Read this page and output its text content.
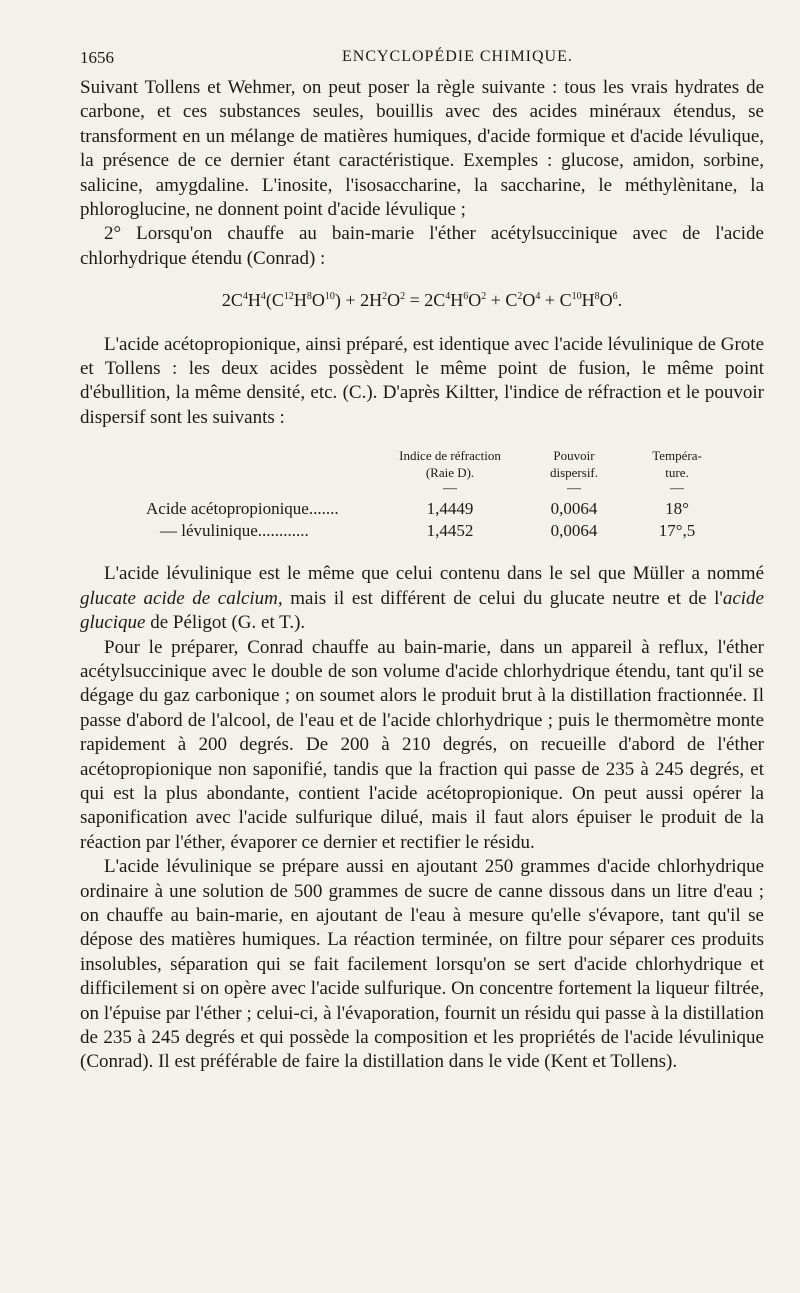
1656	ENCYCLOPÉDIE CHIMIQUE.

Suivant Tollens et Wehmer, on peut poser la règle suivante : tous les vrais hydrates de carbone, et ces substances seules, bouillis avec des acides minéraux étendus, se transforment en un mélange de matières humiques, d'acide formique et d'acide lévulique, la présence de ce dernier étant caractéristique. Exemples : glucose, amidon, sorbine, salicine, amygdaline. L'inosite, l'isosaccharine, la saccharine, le méthylènitane, la phloroglucine, ne donnent point d'acide lévulique ;

2° Lorsqu'on chauffe au bain-marie l'éther acétylsuccinique avec de l'acide chlorhydrique étendu (Conrad) :

$2C^4H^4(C^{12}H^8O^{10}) + 2H^2O^2 = 2C^4H^6O^2 + C^2O^4 + C^{10}H^8O^6$.

L'acide acétopropionique, ainsi préparé, est identique avec l'acide lévulinique de Grote et Tollens : les deux acides possèdent le même point de fusion, le même point d'ébullition, la même densité, etc. (C.). D'après Kiltter, l'indice de réfraction et le pouvoir dispersif sont les suivants :

Indice de réfraction	Pouvoir	Tempéra-
(Raie D).	dispersif.	ture.
—	—	—
Acide acétopropionique.......	1,4449	0,0064	18°
— lévulinique............	1,4452	0,0064	17°,5

L'acide lévulinique est le même que celui contenu dans le sel que Müller a nommé glucate acide de calcium, mais il est différent de celui du glucate neutre et de l'acide glucique de Péligot (G. et T.).

Pour le préparer, Conrad chauffe au bain-marie, dans un appareil à reflux, l'éther acétylsuccinique avec le double de son volume d'acide chlorhydrique étendu, tant qu'il se dégage du gaz carbonique ; on soumet alors le produit brut à la distillation fractionnée. Il passe d'abord de l'alcool, de l'eau et de l'acide chlorhydrique ; puis le thermomètre monte rapidement à 200 degrés. De 200 à 210 degrés, on recueille d'abord de l'éther acétopropionique non saponifié, tandis que la fraction qui passe de 235 à 245 degrés, et qui est la plus abondante, contient l'acide acétopropionique. On peut aussi opérer la saponification avec l'acide sulfurique dilué, mais il faut alors épuiser le produit de la réaction par l'éther, évaporer ce dernier et rectifier le résidu.

L'acide lévulinique se prépare aussi en ajoutant 250 grammes d'acide chlorhydrique ordinaire à une solution de 500 grammes de sucre de canne dissous dans un litre d'eau ; on chauffe au bain-marie, en ajoutant de l'eau à mesure qu'elle s'évapore, tant qu'il se dépose des matières humiques. La réaction terminée, on filtre pour séparer ces produits insolubles, séparation qui se fait facilement lorsqu'on se sert d'acide chlorhydrique et difficilement si on opère avec l'acide sulfurique. On concentre fortement la liqueur filtrée, on l'épuise par l'éther ; celui-ci, à l'évaporation, fournit un résidu qui passe à la distillation de 235 à 245 degrés et qui possède la composition et les propriétés de l'acide lévulinique (Conrad). Il est préférable de faire la distillation dans le vide (Kent et Tollens).
